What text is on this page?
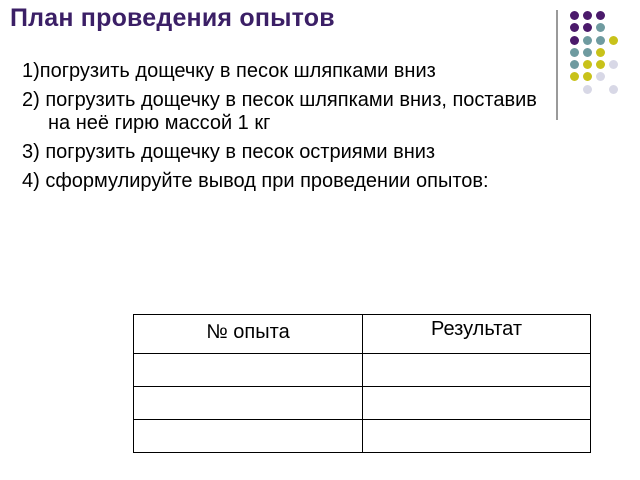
План проведения опытов
1)погрузить дощечку в песок шляпками вниз
2) погрузить дощечку в песок шляпками вниз, поставив на неё гирю массой 1 кг
3) погрузить дощечку в песок остриями вниз
4) сформулируйте вывод при проведении опытов:
№ опыта	Результат
